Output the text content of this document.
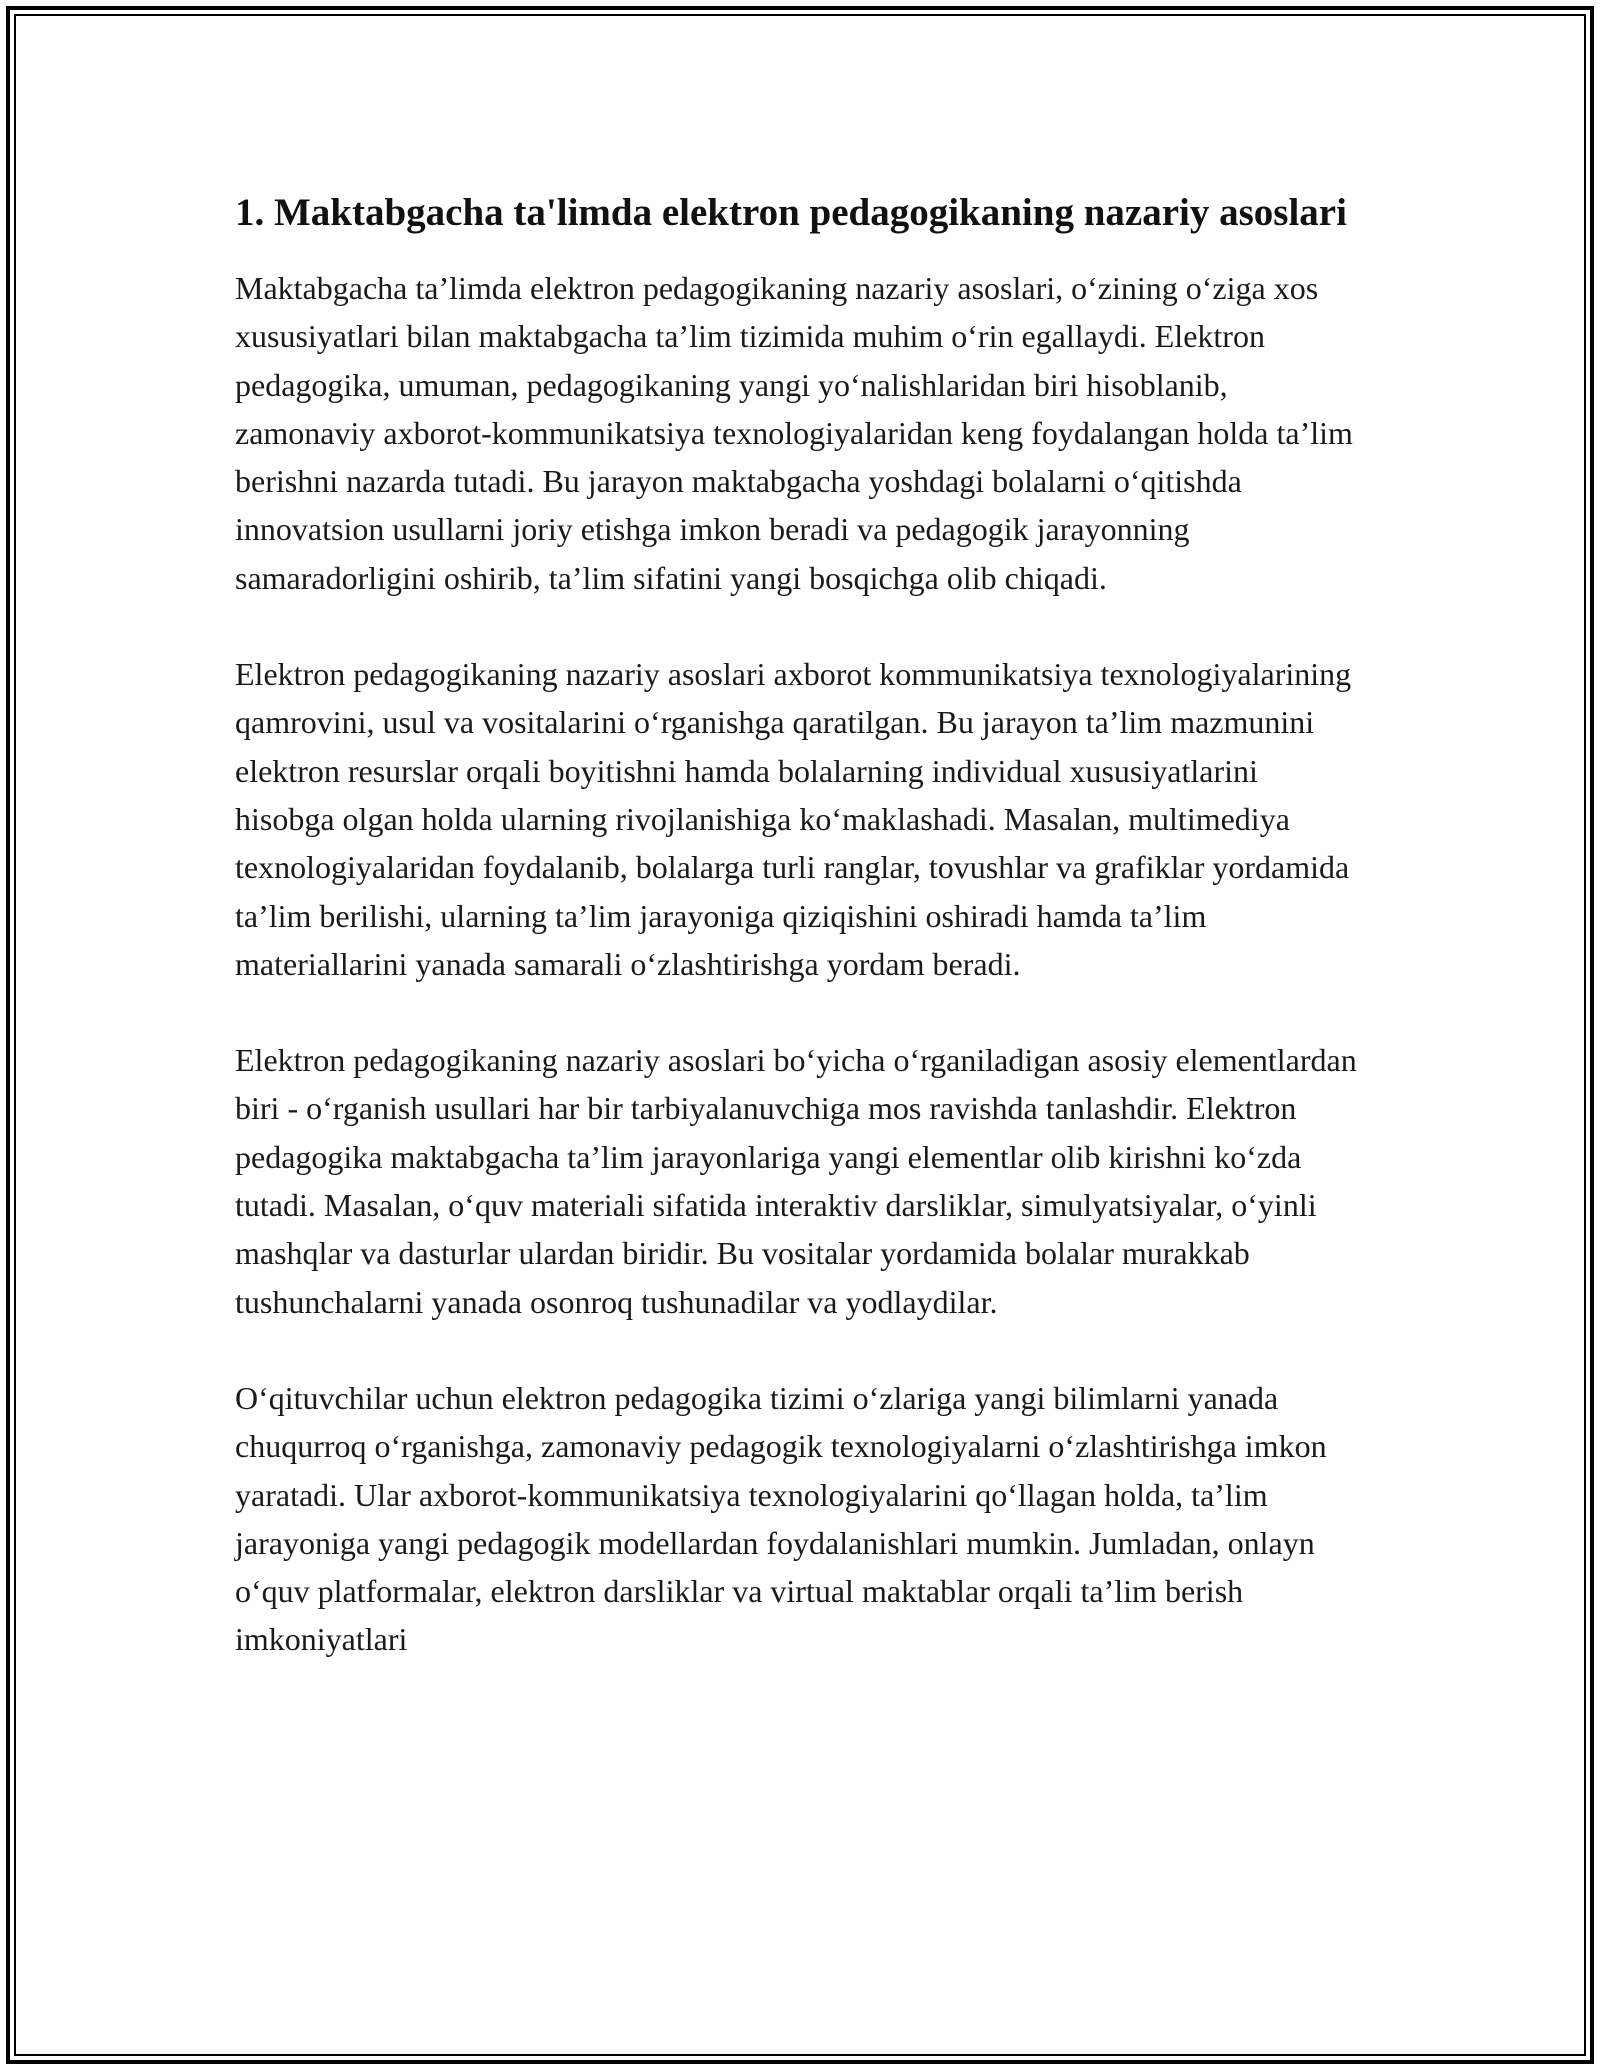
1. Maktabgacha ta'limda elektron pedagogikaning nazariy asoslari

Maktabgacha ta’limda elektron pedagogikaning nazariy asoslari, oʻzining oʻziga xos xususiyatlari bilan maktabgacha ta’lim tizimida muhim oʻrin egallaydi. Elektron pedagogika, umuman, pedagogikaning yangi yoʻnalishlaridan biri hisoblanib, zamonaviy axborot-kommunikatsiya texnologiyalaridan keng foydalangan holda ta’lim berishni nazarda tutadi. Bu jarayon maktabgacha yoshdagi bolalarni oʻqitishda innovatsion usullarni joriy etishga imkon beradi va pedagogik jarayonning samaradorligini oshirib, ta’lim sifatini yangi bosqichga olib chiqadi.

Elektron pedagogikaning nazariy asoslari axborot kommunikatsiya texnologiyalarining qamrovini, usul va vositalarini oʻrganishga qaratilgan. Bu jarayon ta’lim mazmunini elektron resurslar orqali boyitishni hamda bolalarning individual xususiyatlarini hisobga olgan holda ularning rivojlanishiga koʻmaklashadi. Masalan, multimediya texnologiyalaridan foydalanib, bolalarga turli ranglar, tovushlar va grafiklar yordamida ta’lim berilishi, ularning ta’lim jarayoniga qiziqishini oshiradi hamda ta’lim materiallarini yanada samarali oʻzlashtirishga yordam beradi.

Elektron pedagogikaning nazariy asoslari boʻyicha oʻrganiladigan asosiy elementlardan biri - oʻrganish usullari har bir tarbiyalanuvchiga mos ravishda tanlashdir. Elektron pedagogika maktabgacha ta’lim jarayonlariga yangi elementlar olib kirishni koʻzda tutadi. Masalan, oʻquv materiali sifatida interaktiv darsliklar, simulyatsiyalar, oʻyinli mashqlar va dasturlar ulardan biridir. Bu vositalar yordamida bolalar murakkab tushunchalarni yanada osonroq tushunadilar va yodlaydilar.

Oʻqituvchilar uchun elektron pedagogika tizimi oʻzlariga yangi bilimlarni yanada chuqurroq oʻrganishga, zamonaviy pedagogik texnologiyalarni oʻzlashtirishga imkon yaratadi. Ular axborot-kommunikatsiya texnologiyalarini qoʻllagan holda, ta’lim jarayoniga yangi pedagogik modellardan foydalanishlari mumkin. Jumladan, onlayn oʻquv platformalar, elektron darsliklar va virtual maktablar orqali ta’lim berish imkoniyatlari
